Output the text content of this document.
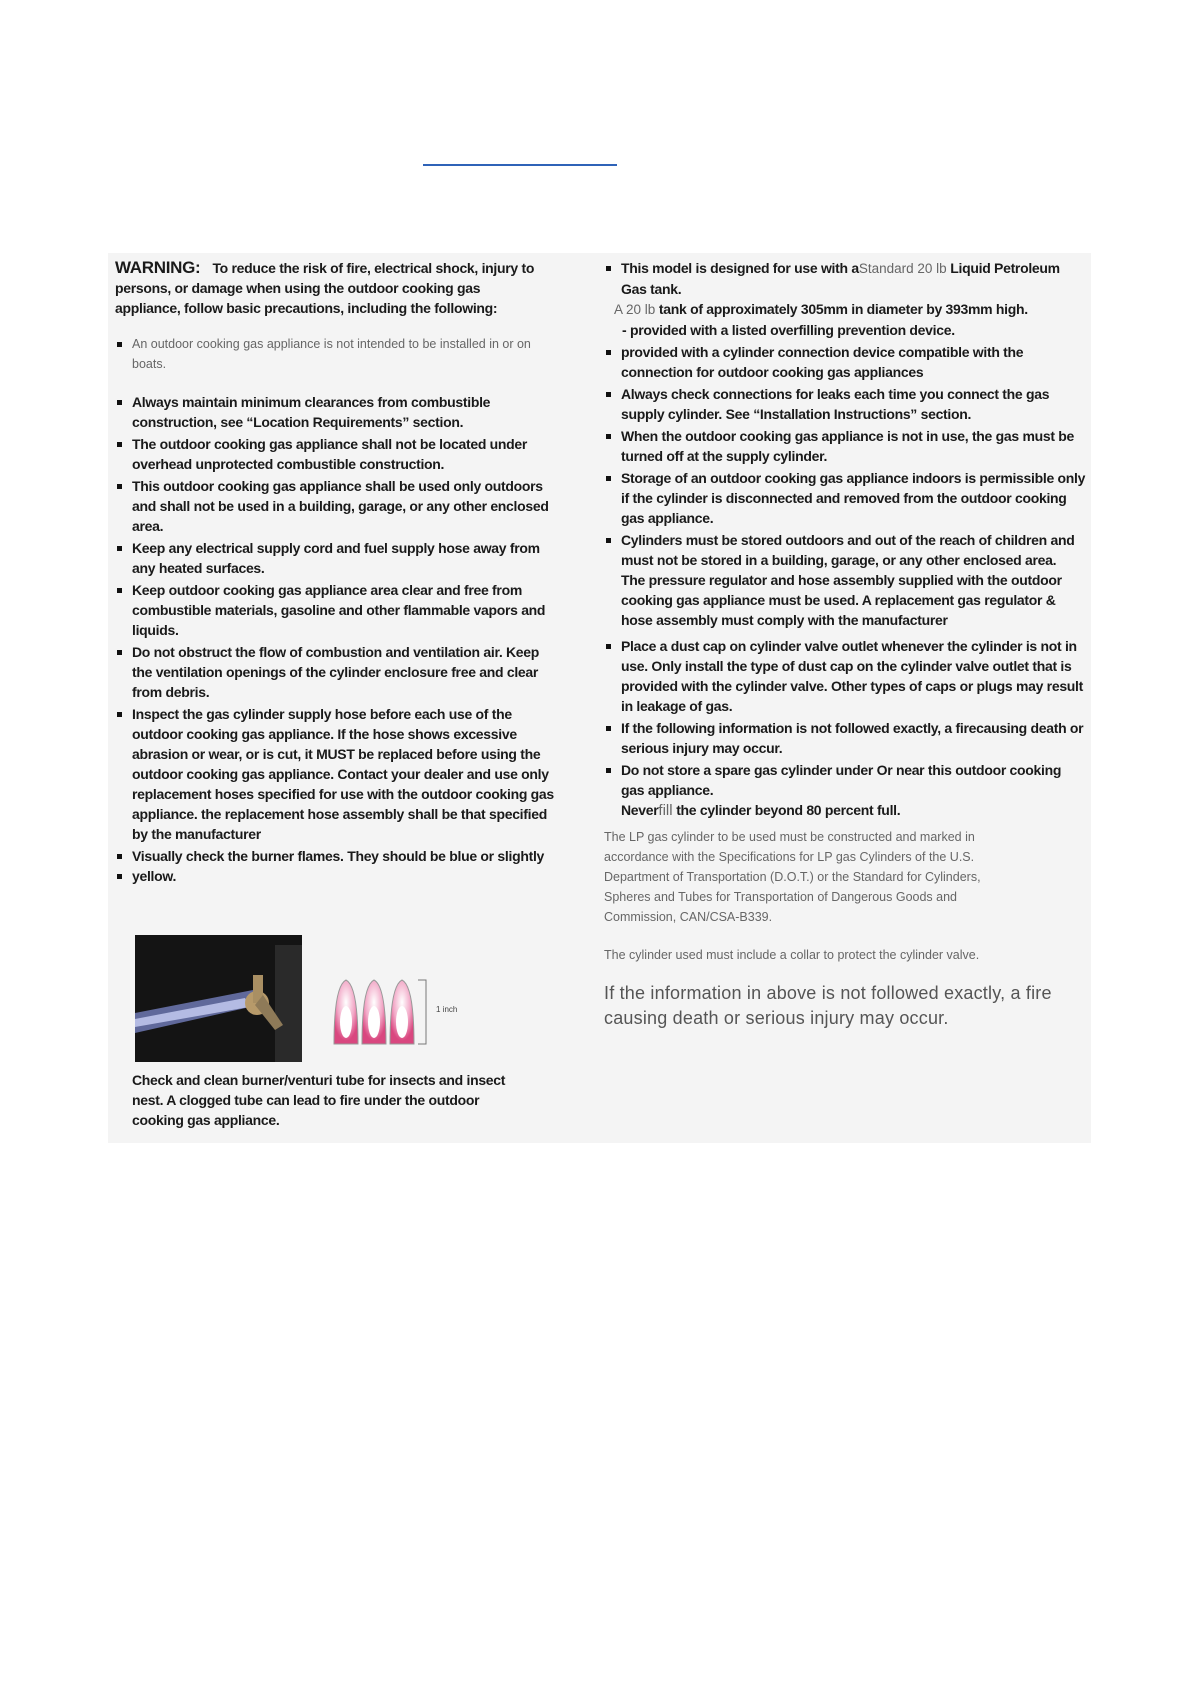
WARNING: To reduce the risk of fire, electrical shock, injury to persons, or damage when using the outdoor cooking gas appliance, follow basic precautions, including the following:

An outdoor cooking gas appliance is not intended to be installed in or on boats.
Always maintain minimum clearances from combustible construction, see “Location Requirements” section.
The outdoor cooking gas appliance shall not be located under overhead unprotected combustible construction.
This outdoor cooking gas appliance shall be used only outdoors and shall not be used in a building, garage, or any other enclosed area.
Keep any electrical supply cord and fuel supply hose away from any heated surfaces.
Keep outdoor cooking gas appliance area clear and free from combustible materials, gasoline and other flammable vapors and liquids.
Do not obstruct the flow of combustion and ventilation air. Keep the ventilation openings of the cylinder enclosure free and clear from debris.
Inspect the gas cylinder supply hose before each use of the outdoor cooking gas appliance. If the hose shows excessive abrasion or wear, or is cut, it MUST be replaced before using the outdoor cooking gas appliance. Contact your dealer and use only replacement hoses specified for use with the outdoor cooking gas appliance. the replacement hose assembly shall be that specified by the manufacturer
Visually check the burner flames. They should be blue or slightly
yellow.
1 inch

Check and clean burner/venturi tube for insects and insect nest. A clogged tube can lead to fire under the outdoor cooking gas appliance.

This model is designed for use with aStandard 20 lb Liquid Petroleum Gas tank.
A 20 lb tank of approximately 305mm in diameter by 393mm high.
- provided with a listed overfilling prevention device.
provided with a cylinder connection device compatible with the connection for outdoor cooking gas appliances
Always check connections for leaks each time you connect the gas supply cylinder. See “Installation Instructions” section.
When the outdoor cooking gas appliance is not in use, the gas must be turned off at the supply cylinder.
Storage of an outdoor cooking gas appliance indoors is permissible only if the cylinder is disconnected and removed from the outdoor cooking gas appliance.
Cylinders must be stored outdoors and out of the reach of children and must not be stored in a building, garage, or any other enclosed area.
The pressure regulator and hose assembly supplied with the outdoor cooking gas appliance must be used. A replacement gas regulator & hose assembly must comply with the manufacturer
Place a dust cap on cylinder valve outlet whenever the cylinder is not in use. Only install the type of dust cap on the cylinder valve outlet that is provided with the cylinder valve. Other types of caps or plugs may result in leakage of gas.
If the following information is not followed exactly, a firecausing death or serious injury may occur.
Do not store a spare gas cylinder under Or near this outdoor cooking gas appliance.
Neverfill the cylinder beyond 80 percent full.

The LP gas cylinder to be used must be constructed and marked in accordance with the Specifications for LP gas Cylinders of the U.S. Department of Transportation (D.O.T.) or the Standard for Cylinders, Spheres and Tubes for Transportation of Dangerous Goods and Commission, CAN/CSA-B339.

The cylinder used must include a collar to protect the cylinder valve.

If the information in above is not followed exactly, a fire causing death or serious injury may occur.
